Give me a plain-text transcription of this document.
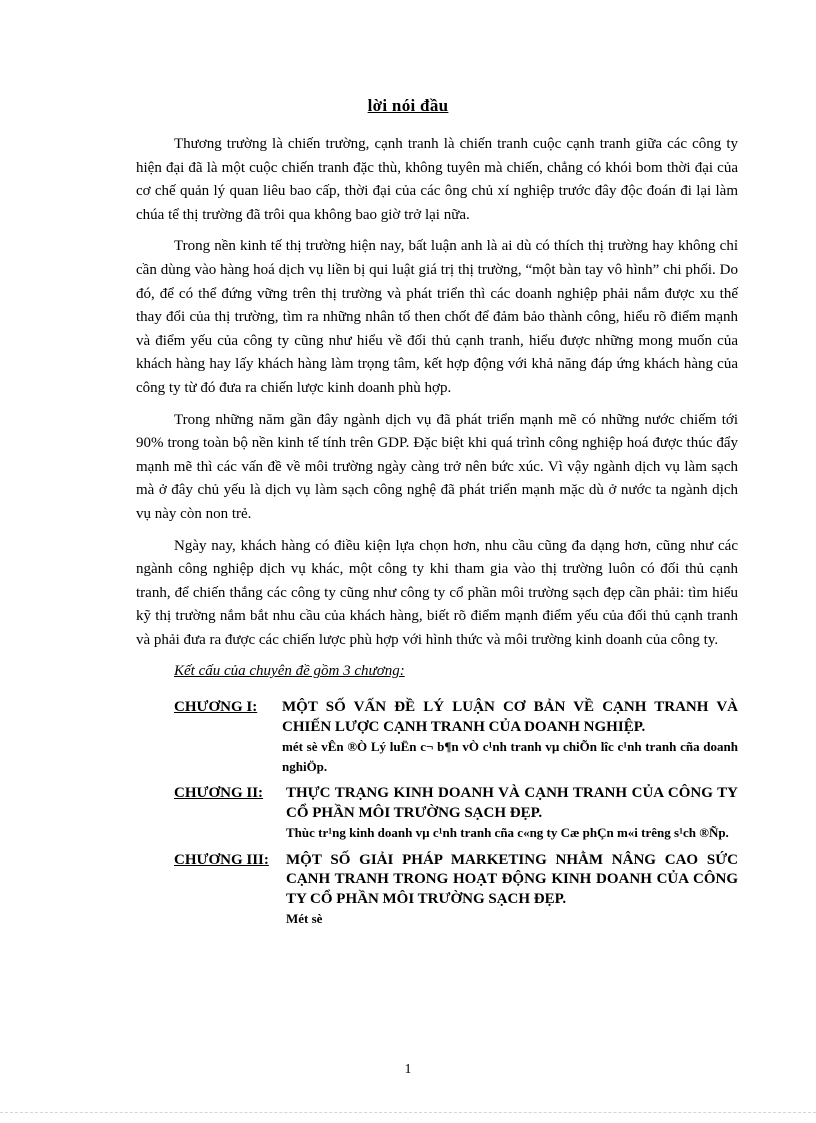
lời nói đầu

Thương trường là chiến trường, cạnh tranh là chiến tranh cuộc cạnh tranh giữa các công ty hiện đại đã là một cuộc chiến tranh đặc thù, không tuyên mà chiến, chẳng có khói bom thời đại của cơ chế quản lý quan liêu bao cấp, thời đại của các ông chủ xí nghiệp trước đây độc đoán đi lại làm chúa tể thị trường đã trôi qua không bao giờ trở lại nữa.

Trong nền kinh tế thị trường hiện nay, bất luận anh là ai dù có thích thị trường hay không chỉ cần dùng vào hàng hoá dịch vụ liền bị qui luật giá trị thị trường, “một bàn tay vô hình” chi phối. Do đó, để có thể đứng vững trên thị trường và phát triển thì các doanh nghiệp phải nắm được xu thế thay đổi của thị trường, tìm ra những nhân tố then chốt để đảm bảo thành công, hiểu rõ điểm mạnh và điểm yếu của công ty cũng như hiểu về đối thủ cạnh tranh, hiểu được những mong muốn của khách hàng hay lấy khách hàng làm trọng tâm, kết hợp động với khả năng đáp ứng khách hàng của công ty từ đó đưa ra chiến lược kinh doanh phù hợp.

Trong những năm gần đây ngành dịch vụ đã phát triển mạnh mẽ có những nước chiếm tới 90% trong toàn bộ nền kinh tế tính trên GDP. Đặc biệt khi quá trình công nghiệp hoá được thúc đẩy mạnh mẽ thì các vấn đề về môi trường ngày càng trở nên bức xúc. Vì vậy ngành dịch vụ làm sạch mà ở đây chủ yếu là dịch vụ làm sạch công nghệ đã phát triển mạnh mặc dù ở nước ta ngành dịch vụ này còn non trẻ.

Ngày nay, khách hàng có điều kiện lựa chọn hơn, nhu cầu cũng đa dạng hơn, cũng như các ngành công nghiệp dịch vụ khác, một công ty khi tham gia vào thị trường luôn có đối thủ cạnh tranh, để chiến thắng các công ty cũng như công ty cổ phần môi trường sạch đẹp cần phải: tìm hiểu kỹ thị trường nắm bắt nhu cầu của khách hàng, biết rõ điểm mạnh điểm yếu của đối thủ cạnh tranh và phải đưa ra được các chiến lược phù hợp với hình thức và môi trường kinh doanh của công ty.

Kết cấu của chuyên đề gồm 3 chương:

CHƯƠNG I:	MỘT SỐ VẤN ĐỀ LÝ LUẬN CƠ BẢN VỀ CẠNH TRANH VÀ CHIẾN LƯỢC CẠNH TRANH CỦA DOANH NGHIỆP.
mét sè vÊn ®Ò Lý luËn c¬ b¶n vÒ c¹nh tranh vµ chiÕn lîc c¹nh tranh cña doanh nghiÖp.
CHƯƠNG II:	THỰC TRẠNG KINH DOANH VÀ CẠNH TRANH CỦA CÔNG TY CỔ PHẦN MÔI TRƯỜNG SẠCH ĐẸP.
Thùc tr¹ng kinh doanh vµ c¹nh tranh cña c«ng ty Cæ phÇn m«i trêng s¹ch ®Ñp.
CHƯƠNG III:	MỘT SỐ GIẢI PHÁP MARKETING NHẰM NÂNG CAO SỨC CẠNH TRANH TRONG HOẠT ĐỘNG KINH DOANH CỦA CÔNG TY CỔ PHẦN MÔI TRƯỜNG SẠCH ĐẸP.
Mét sè
1
